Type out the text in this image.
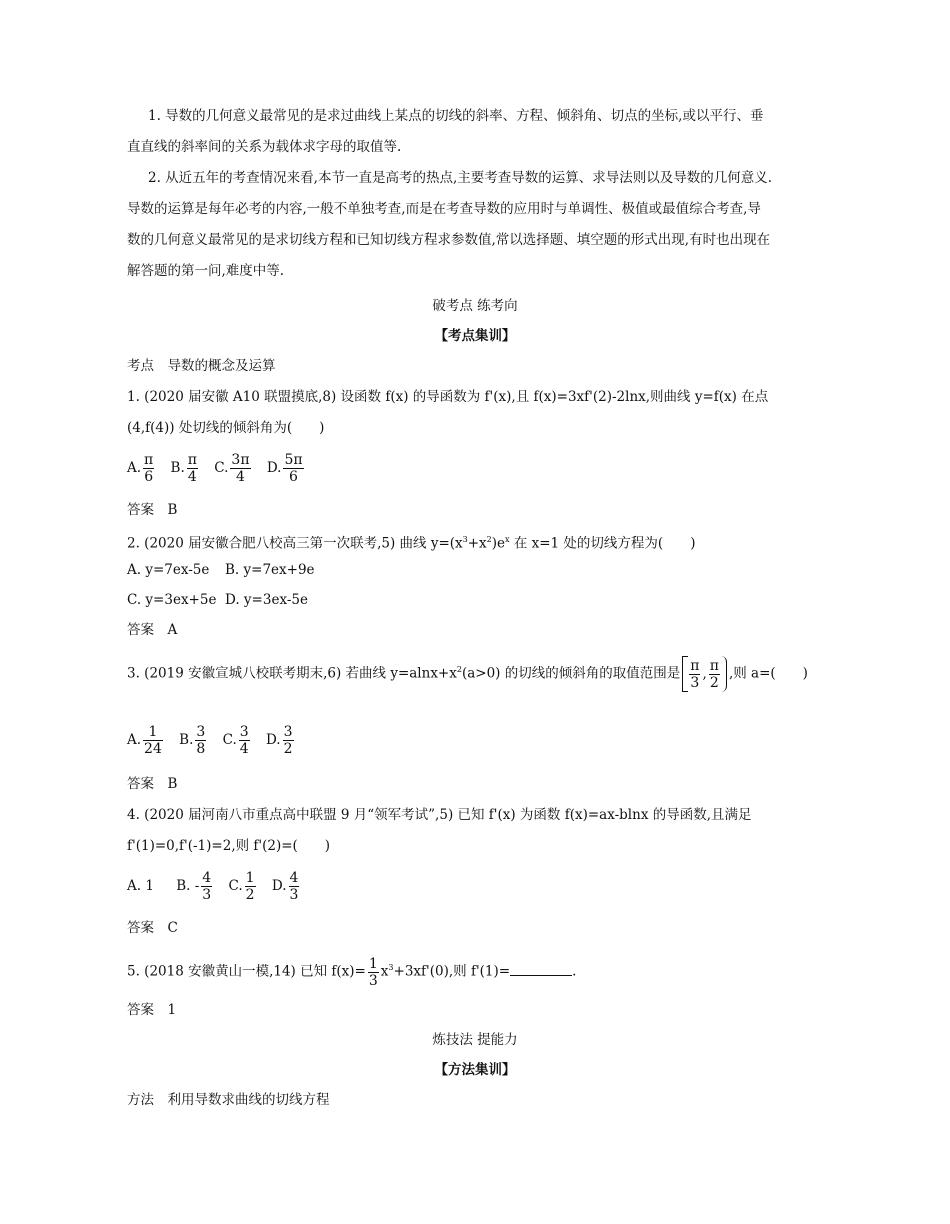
1. 导数的几何意义最常见的是求过曲线上某点的切线的斜率、方程、倾斜角、切点的坐标,或以平行、垂
直直线的斜率间的关系为载体求字母的取值等.
2. 从近五年的考查情况来看,本节一直是高考的热点,主要考查导数的运算、求导法则以及导数的几何意义.
导数的运算是每年必考的内容,一般不单独考查,而是在考查导数的应用时与单调性、极值或最值综合考查,导
数的几何意义最常见的是求切线方程和已知切线方程求参数值,常以选择题、填空题的形式出现,有时也出现在
解答题的第一问,难度中等.
破考点 练考向
【考点集训】
考点　导数的概念及运算
1. (2020 届安徽 A10 联盟摸底,8) 设函数 f(x) 的导函数为 f'(x),且 f(x)=3xf'(2)-2lnx,则曲线 y=f(x) 在点
(4,f(4)) 处切线的倾斜角为(　　)
A. $\frac{\pi}{6} B$. $\frac{\pi}{4} C$. $\frac{3\pi}{4} D$. $\frac{5\pi}{6}$
答案　B
2. (2020 届安徽合肥八校高三第一次联考,5) 曲线 $y=(x^3+x^2)e^x$ 在 x=1 处的切线方程为(　　)
A. y=7ex-5e B. y=7ex+9e
C. y=3ex+5e D. y=3ex-5e
答案　A
3. (2019 安徽宣城八校联考期末,6) 若曲线 $y=alnx+x^2(a>0)$ 的切线的倾斜角的取值范围是 $\frac{\pi}{3}$ , $\frac{\pi}{2}$ ,则 a=(　　)
A. $\frac{1}{24} B$. $\frac{3}{8} C$. $\frac{3}{4} D$. $\frac{3}{2}$
答案　B
4. (2020 届河南八市重点高中联盟 9 月“领军考试”,5) 已知 f'(x) 为函数 f(x)=ax-blnx 的导函数,且满足
f'(1)=0,f'(-1)=2,则 f'(2)=(　　)
A. 1 B. - $\frac{4}{3} C$. $\frac{1}{2} D$. $\frac{4}{3}$
答案　C
5. (2018 安徽黄山一模,14) 已知 $f(x)= \frac{1}{3} x^3+3xf'(0)$,则 f'(1)=	.
答案　1
炼技法 提能力
【方法集训】
方法　利用导数求曲线的切线方程
